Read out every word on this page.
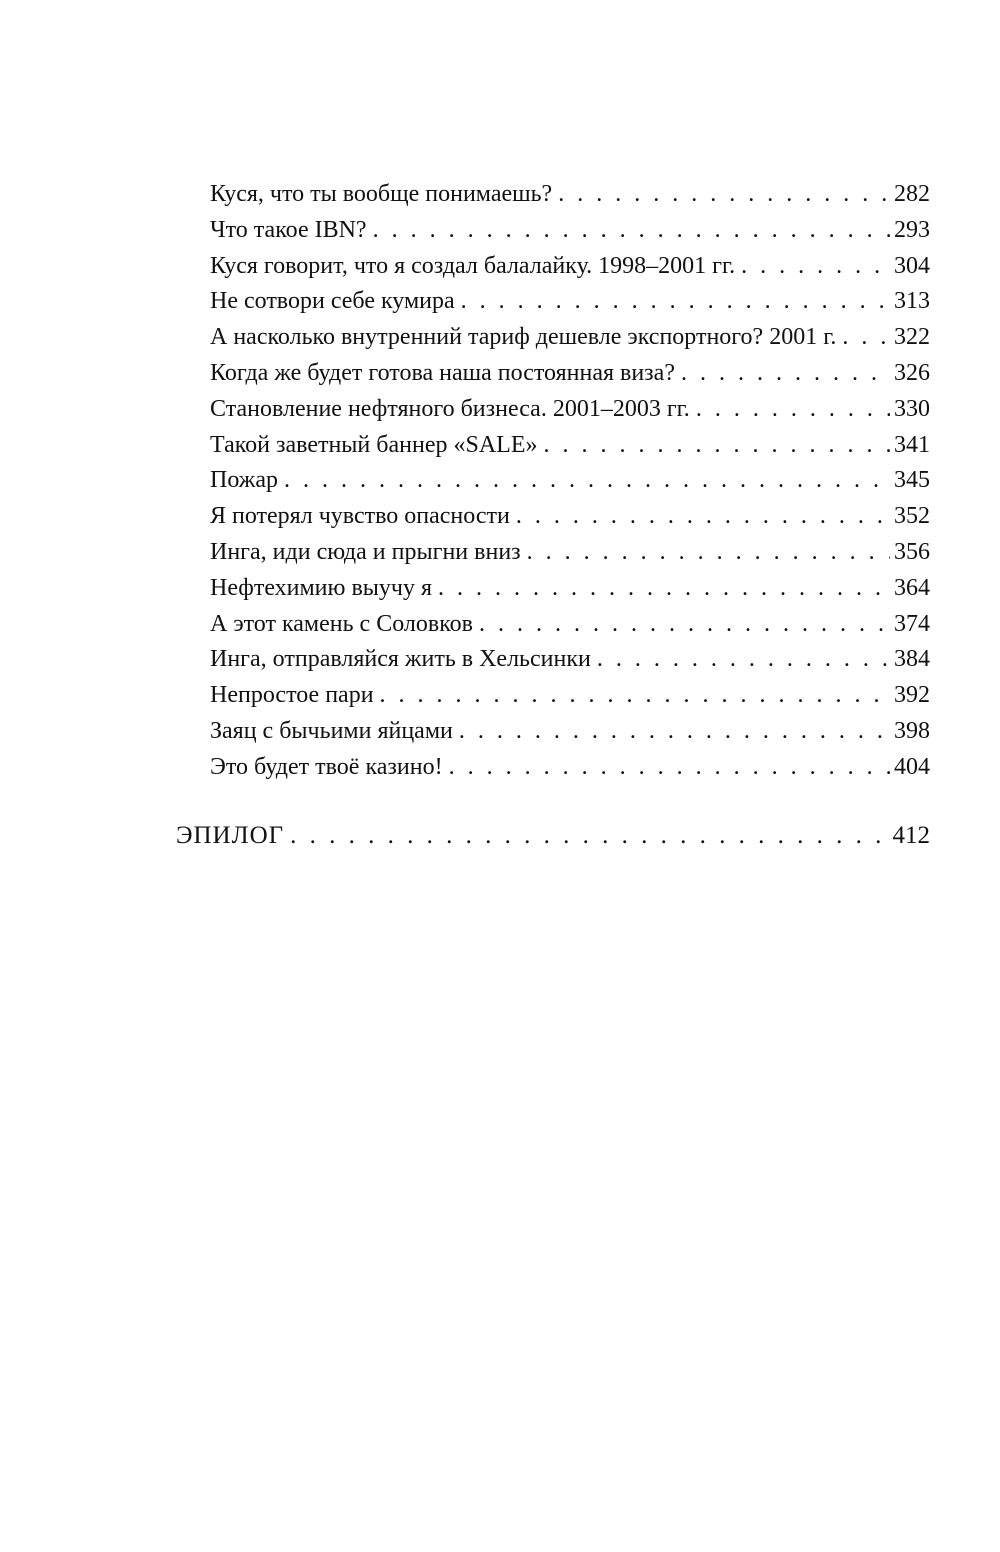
Куся, что ты вообще понимаешь? . . .	282
Что такое IBN? . . .	293
Куся говорит, что я создал балалайку. 1998–2001 гг. . . .	304
Не сотвори себе кумира . . .	313
А насколько внутренний тариф дешевле экспортного? 2001 г. . . . 322
Когда же будет готова наша постоянная виза? . . .	326
Становление нефтяного бизнеса. 2001–2003 гг. . . .	330
Такой заветный баннер «SALE» . . .	341
Пожар . . .	345
Я потерял чувство опасности . . .	352
Инга, иди сюда и прыгни вниз . . .	356
Нефтехимию выучу я . . .	364
А этот камень с Соловков . . .	374
Инга, отправляйся жить в Хельсинки . . .	384
Непростое пари . . .	392
Заяц с бычьими яйцами . . .	398
Это будет твоё казино! . . .	404
ЭПИЛОГ . . .	412
